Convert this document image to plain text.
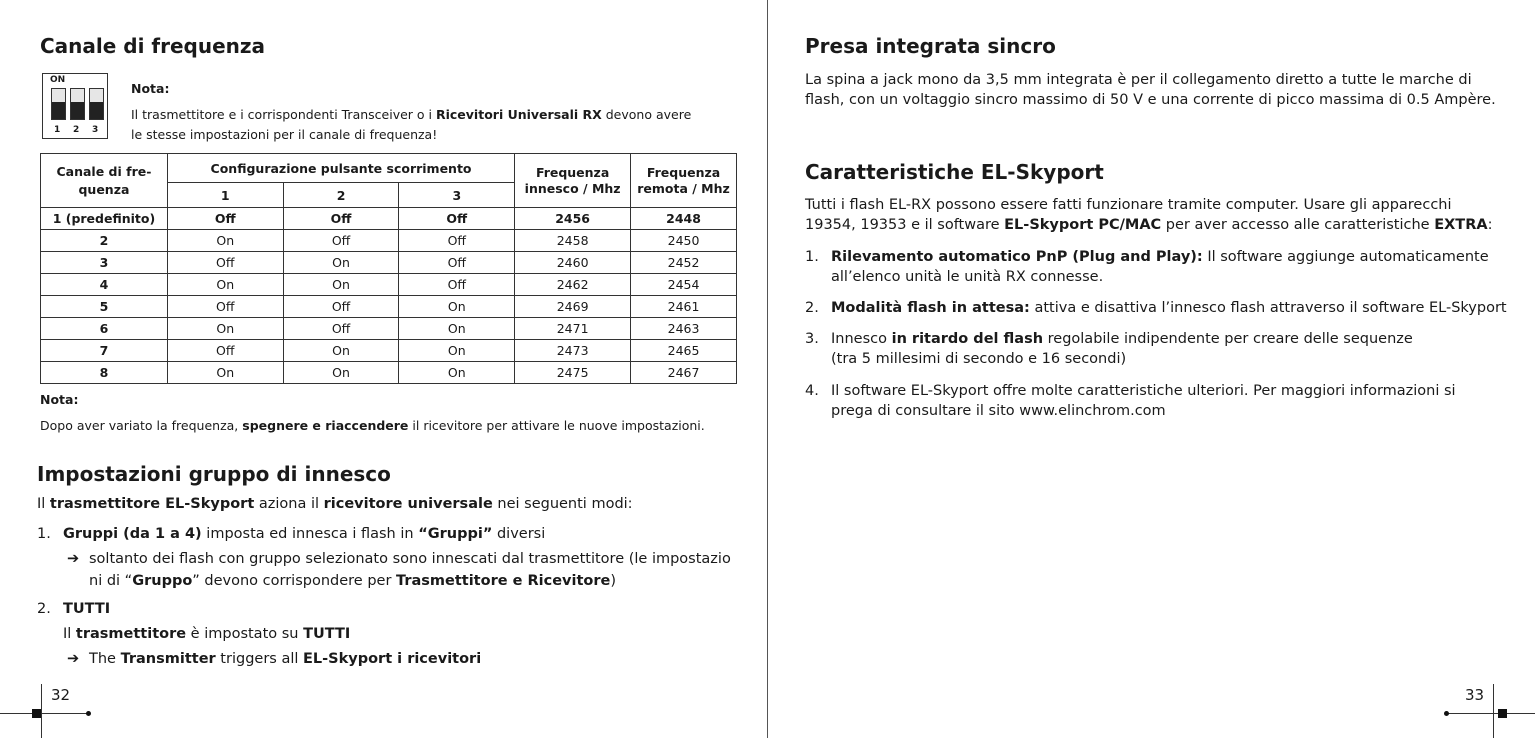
Canale di frequenza
ON
1 2 3
Nota:
Il trasmettitore e i corrispondenti Transceiver o i Ricevitori Universali RX devono avere
le stesse impostazioni per il canale di frequenza!
Canale di fre-quenza	Configurazione pulsante scorrimento			Frequenza innesco / Mhz	Frequenza remota / Mhz
	1	2	3		
1 (predefinito)	Off	Off	Off	2456	2448
2	On	Off	Off	2458	2450
3	Off	On	Off	2460	2452
4	On	On	Off	2462	2454
5	Off	Off	On	2469	2461
6	On	Off	On	2471	2463
7	Off	On	On	2473	2465
8	On	On	On	2475	2467
Nota:
Dopo aver variato la frequenza, spegnere e riaccendere il ricevitore per attivare le nuove impostazioni.
Impostazioni gruppo di innesco
Il trasmettitore EL-Skyport aziona il ricevitore universale nei seguenti modi:
1. Gruppi (da 1 a 4) imposta ed innesca i flash in “Gruppi” diversi
➔ soltanto dei flash con gruppo selezionato sono innescati dal trasmettitore (le impostazio
ni di “Gruppo” devono corrispondere per Trasmettitore e Ricevitore)
2. TUTTI
Il trasmettitore è impostato su TUTTI
➔ The Transmitter triggers all EL-Skyport i ricevitori
32
Presa integrata sincro
La spina a jack mono da 3,5 mm integrata è per il collegamento diretto a tutte le marche di
flash, con un voltaggio sincro massimo di 50 V e una corrente di picco massima di 0.5 Ampère.
Caratteristiche EL-Skyport
Tutti i flash EL-RX possono essere fatti funzionare tramite computer. Usare gli apparecchi
19354, 19353 e il software EL-Skyport PC/MAC per aver accesso alle caratteristiche EXTRA:
1. Rilevamento automatico PnP (Plug and Play): Il software aggiunge automaticamente
all’elenco unità le unità RX connesse.
2. Modalità flash in attesa: attiva e disattiva l’innesco flash attraverso il software EL-Skyport
3. Innesco in ritardo del flash regolabile indipendente per creare delle sequenze
(tra 5 millesimi di secondo e 16 secondi)
4. Il software EL-Skyport offre molte caratteristiche ulteriori. Per maggiori informazioni si
prega di consultare il sito www.elinchrom.com
33
